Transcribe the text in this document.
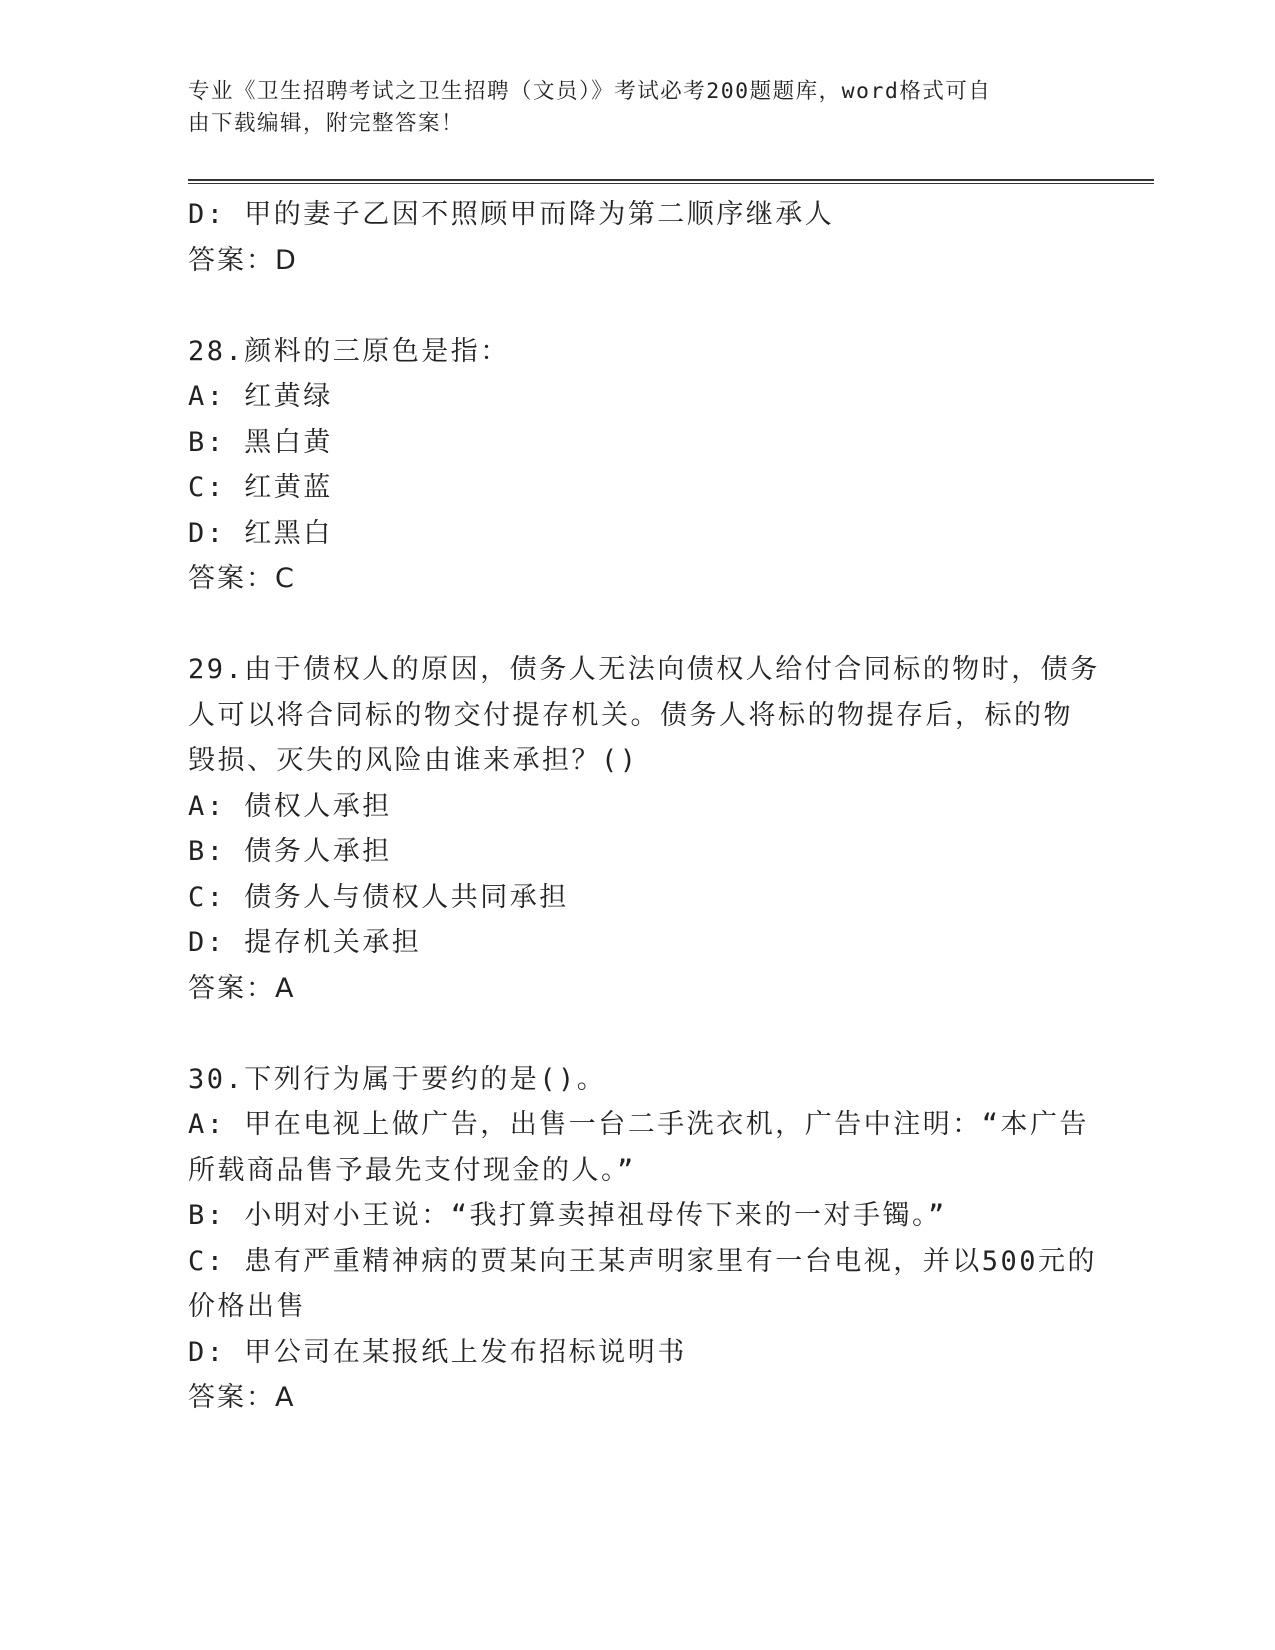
专业《卫生招聘考试之卫生招聘（文员）》考试必考200题题库，word格式可自
由下载编辑，附完整答案！
D: 甲的妻子乙因不照顾甲而降为第二顺序继承人
答案：D
28.颜料的三原色是指：
A: 红黄绿
B: 黑白黄
C: 红黄蓝
D: 红黑白
答案：C
29.由于债权人的原因，债务人无法向债权人给付合同标的物时，债务
人可以将合同标的物交付提存机关。债务人将标的物提存后，标的物
毁损、灭失的风险由谁来承担？()
A: 债权人承担
B: 债务人承担
C: 债务人与债权人共同承担
D: 提存机关承担
答案：A
30.下列行为属于要约的是()。
A: 甲在电视上做广告，出售一台二手洗衣机，广告中注明：“本广告
所载商品售予最先支付现金的人。”
B: 小明对小王说：“我打算卖掉祖母传下来的一对手镯。”
C: 患有严重精神病的贾某向王某声明家里有一台电视，并以500元的
价格出售
D: 甲公司在某报纸上发布招标说明书
答案：A
